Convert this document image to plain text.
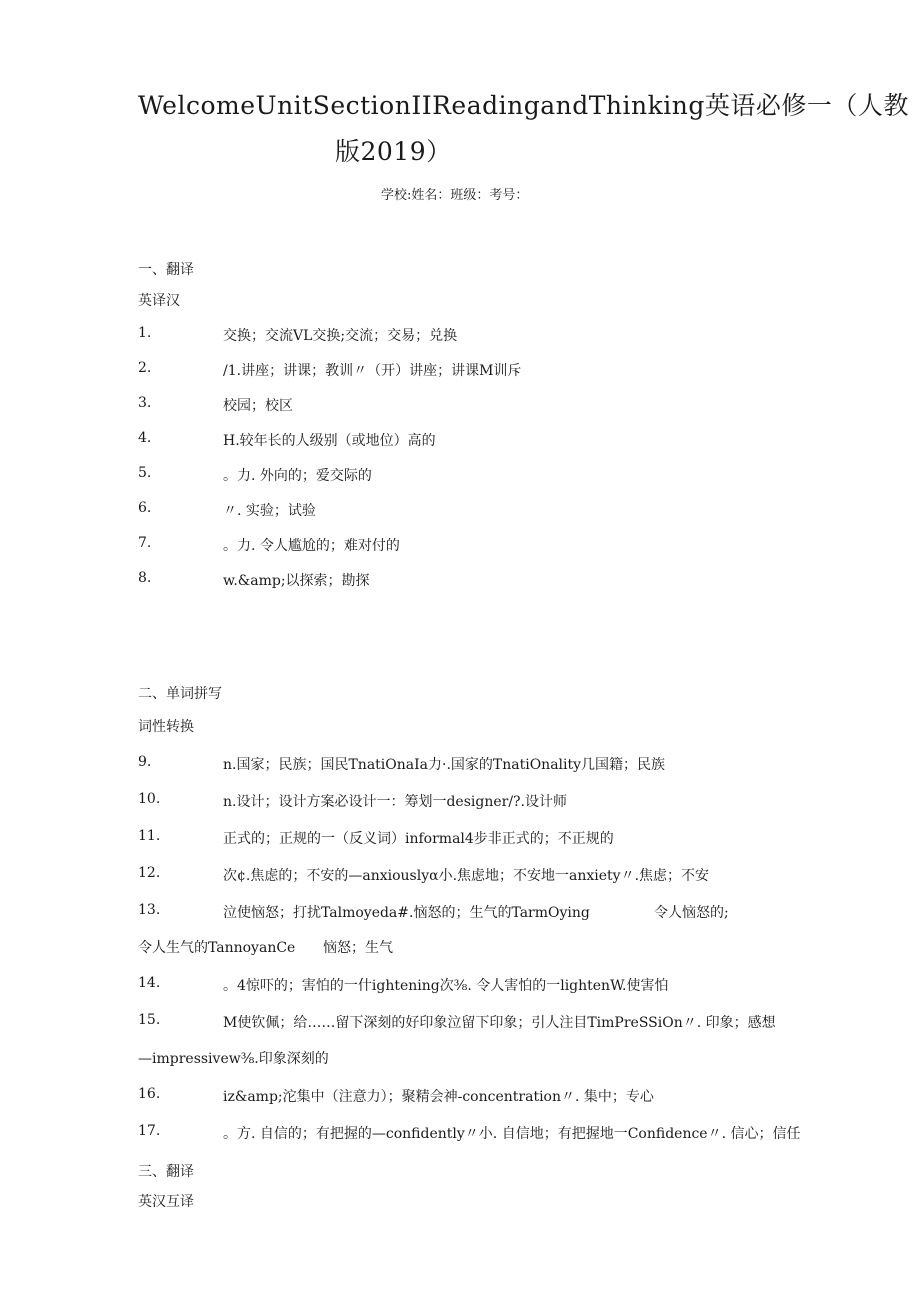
WelcomeUnitSectionIIReadingandThinking英语必修一（人教
版2019）
学校:姓名：班级：考号：
一、翻译
英译汉
1.	交换；交流VL交换;交流；交易；兑换
2.	/1.讲座；讲课；教训〃（开）讲座；讲课M训斥
3.	校园；校区
4.	H.较年长的人级别（或地位）高的
5.	。力. 外向的；爱交际的
6.	〃. 实验；试验
7.	。力. 令人尴尬的；难对付的
8.	w.&amp;以探索；勘探
二、单词拼写
词性转换
9.	n.国家；民族；国民TnatiOnaIa力·.国家的TnatiOnality几国籍；民族
10.	n.设计；设计方案必设计一：筹划一designer/?.设计师
11.	正式的；正规的一（反义词）informal4步非正式的；不正规的
12.	次¢.焦虑的；不安的—anxiouslyα小.焦虑地；不安地一anxiety〃.焦虑；不安
13.	泣使恼怒；打扰Talmoyeda#.恼怒的；生气的TarmOying	令人恼怒的;
令人生气的TannoyanCe 恼怒；生气
14.	。4惊吓的；害怕的一什ightening次⅜. 令人害怕的一lightenW.使害怕
15.	M使钦佩；给……留下深刻的好印象泣留下印象；引人注目TimPreSSiOn〃. 印象；感想
—impressivew⅜.印象深刻的
16.	iz&amp;沱集中（注意力）；聚精会神-concentration〃. 集中；专心
17.	。方. 自信的；有把握的—confidently〃小. 自信地；有把握地一Confidence〃. 信心；信任
三、翻译
英汉互译
